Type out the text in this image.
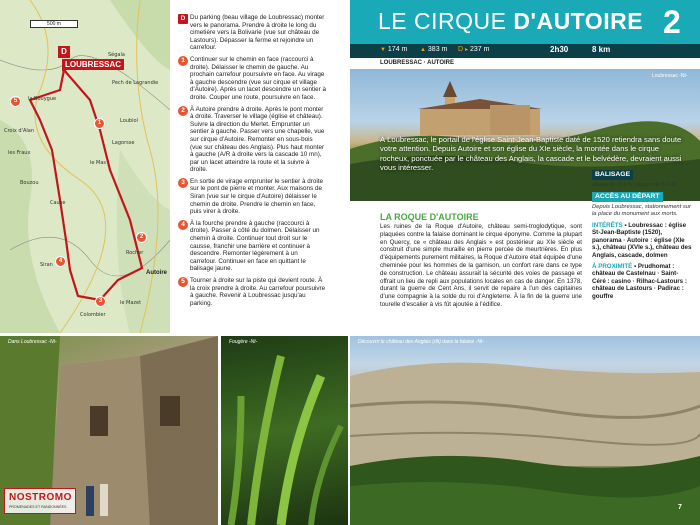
500 m
Ségala
Croix d'Alan
Lagorsse
Loubiol
Siran
le Mas
Cause
Bouzou
Colombier
le Mazet
les Fraux
la Bouygue
Pech de Lagrandie
Rocher
D
LOUBRESSAC
1
2
3
4
5
Autoire
D Du parking (beau village de Loubressac) monter vers le panorama. Prendre à droite le long du cimetière vers la Bolivarie (vue sur château de Lastours). Dépasser la ferme et rejoindre un carrefour.
1 Continuer sur le chemin en face (raccourci à droite). Délaisser le chemin de gauche. Au prochain carrefour poursuivre en face. Au virage à gauche descendre (vue sur cirque et village d'Autoire). Après un lacet descendre un sentier à droite. Couper une route, poursuivre en face.
2 À Autoire prendre à droite. Après le pont monter à droite. Traverser le village (église et château). Suivre la direction du Merlet. Emprunter un sentier à gauche. Passer vers une chapelle, vue sur cirque d'Autoire. Remonter en sous-bois (vue sur château des Anglais). Plus haut monter à gauche (A/R à droite vers la cascade 10 mn), par un lacet atteindre la route et la suivre à droite.
3 En sortie de virage emprunter le sentier à droite sur le pont de pierre et monter. Aux maisons de Siran (vue sur le cirque d'Autoire) délaisser le chemin de droite. Prendre le chemin en face, puis virer à droite.
4 À la fourche prendre à gauche (raccourci à droite). Passer à côté du dolmen. Délaisser un chemin à droite. Continuer tout droit sur le causse, franchir une barrière et continuer à descendre. Remonter légèrement à un carrefour. Continuer en face en quittant le balisage jaune.
5 Tourner à droite sur la piste qui devient route. À la croix prendre à droite. Au carrefour poursuivre à gauche. Revenir à Loubressac jusqu'au parking.
LE CIRQUE D'AUTOIRE 2
▼ 174 m ▲ 383 m D ▸ 237 m	2h30	8 km
LOUBRESSAC · AUTOIRE
Loubressac -Nt-
À Loubressac, le portail de l'église Saint-Jean-Baptiste daté de 1520 retiendra sans doute votre attention. Depuis Autoire et son église du XIe siècle, la montée dans le cirque rocheux, ponctuée par le château des Anglais, la cascade et le belvédère, devraient aussi vous intéresser.
LA ROQUE D'AUTOIRE
Les ruines de la Roque d'Autoire, château semi-troglodytique, sont plaquées contre la falaise dominant le cirque éponyme. Comme la plupart en Quercy, ce « château des Anglais » est postérieur au XIe siècle et construit d'une simple muraille en pierre percée de meurtrières. En plus d'équipements purement militaires, la Roque d'Autoire était équipée d'une cheminée pour les hommes de la garnison, un confort rare dans ce type de construction. Le château assurait la sécurité des voies de passage et offrait un lieu de repli aux populations locales en cas de danger. En 1378, durant la guerre de Cent Ans, il servit de repaire à l'un des capitaines d'une compagnie à la solde du roi d'Angleterre. À la fin de la guerre une tourelle d'escalier à vis fût ajoutée à l'édifice.
BALISAGE
Jaune de D à 5 ; aucun de 5 à D
ACCÈS AU DÉPART
Depuis Loubressac, stationnement sur la place du monument aux morts.
INTÉRÊTS ▪ Loubressac : église St-Jean-Baptiste (1520), panorama · Autoire : église (XIe s.), château (XVIe s.), château des Anglais, cascade, dolmen
À PROXIMITÉ ▪ Prudhomat : château de Castelnau · Saint-Céré : casino · Rilhac-Lastours : château de Lastours · Padirac : gouffre
Dans Loubressac -Nt-	Fougère -Nt-	Découvrir le château des Anglais (dit) dans la falaise -Nt-
NOSTROMO
PROMENADES ET RANDONNÉES	7
